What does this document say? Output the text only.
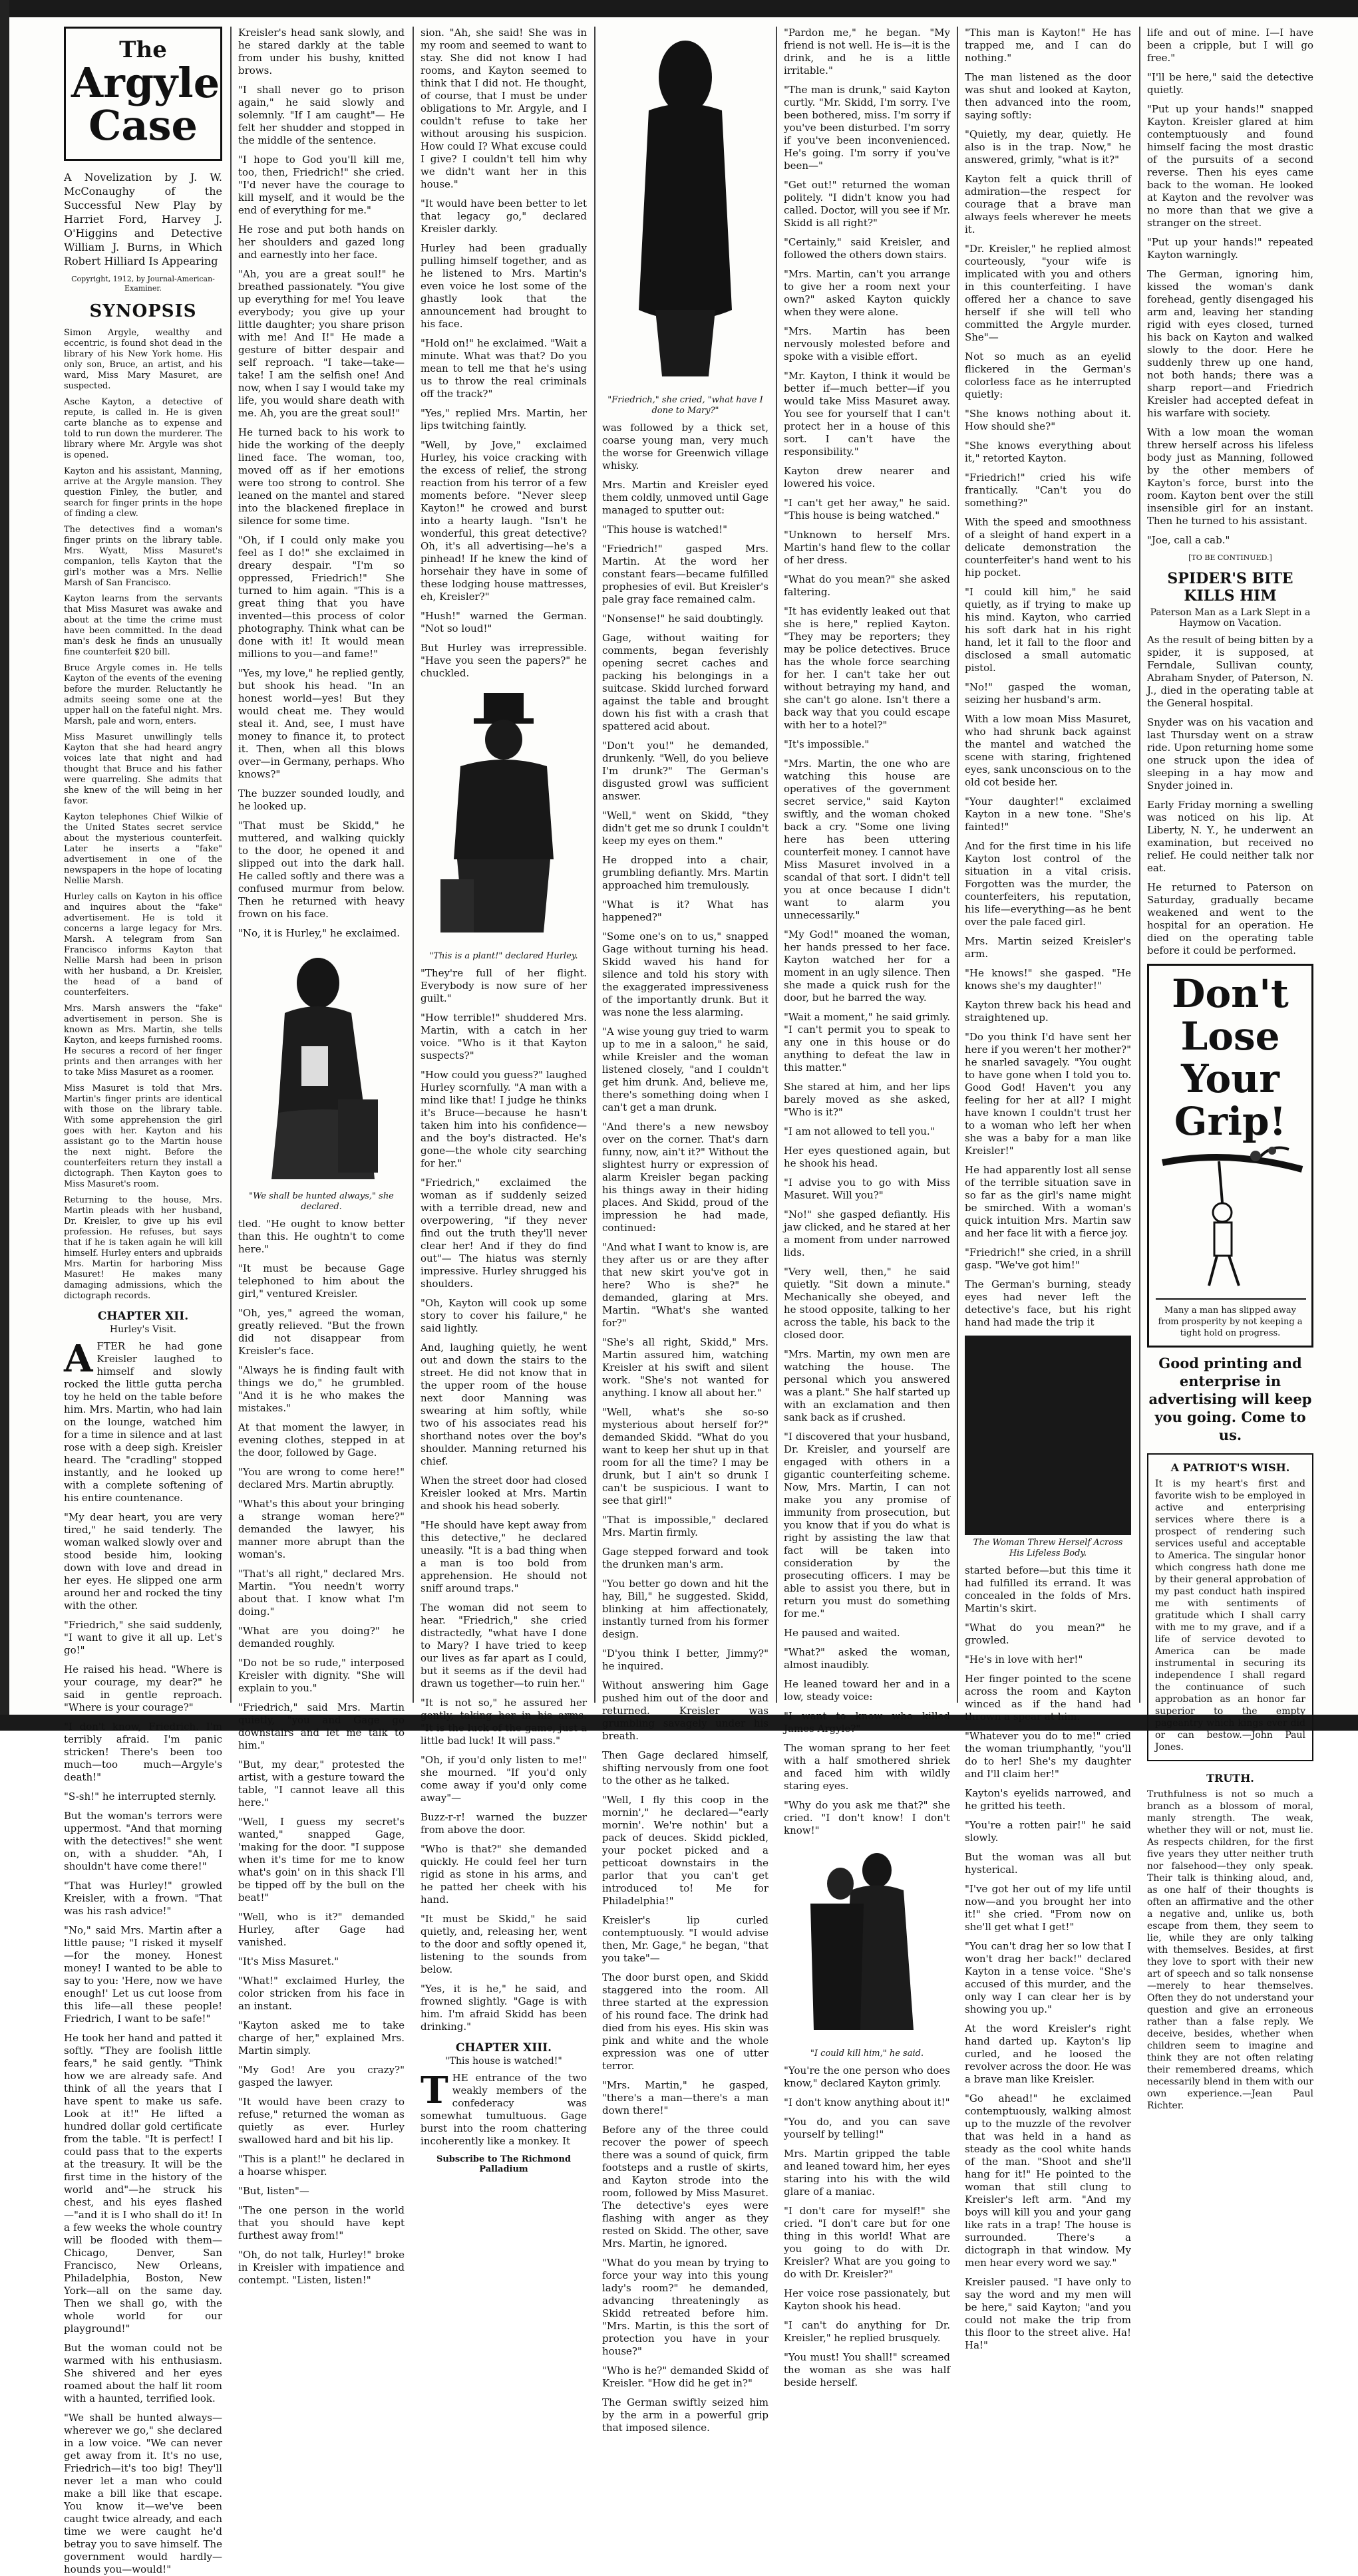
The
Argyle Case
A Novelization by J. W. McConaughy of the Successful New Play by Harriet Ford, Harvey J. O'Higgins and Detective William J. Burns, in Which Robert Hilliard Is Appearing
Copyright, 1912, by Journal-American-Examiner.
SYNOPSIS

Simon Argyle, wealthy and eccentric, is found shot dead in the library of his New York home. His only son, Bruce, an artist, and his ward, Miss Mary Masuret, are suspected.

Asche Kayton, a detective of repute, is called in. He is given carte blanche as to expense and told to run down the murderer. The library where Mr. Argyle was shot is opened.

Kayton and his assistant, Manning, arrive at the Argyle mansion. They question Finley, the butler, and search for finger prints in the hope of finding a clew.

The detectives find a woman's finger prints on the library table. Mrs. Wyatt, Miss Masuret's companion, tells Kayton that the girl's mother was a Mrs. Nellie Marsh of San Francisco.

Kayton learns from the servants that Miss Masuret was awake and about at the time the crime must have been committed. In the dead man's desk he finds an unusually fine counterfeit $20 bill.

Bruce Argyle comes in. He tells Kayton of the events of the evening before the murder. Reluctantly he admits seeing some one at the upper hall on the fateful night. Mrs. Marsh, pale and worn, enters.

Miss Masuret unwillingly tells Kayton that she had heard angry voices late that night and had thought that Bruce and his father were quarreling. She admits that she knew of the will being in her favor.

Kayton telephones Chief Wilkie of the United States secret service about the mysterious counterfeit. Later he inserts a "fake" advertisement in one of the newspapers in the hope of locating Nellie Marsh.

Hurley calls on Kayton in his office and inquires about the "fake" advertisement. He is told it concerns a large legacy for Mrs. Marsh. A telegram from San Francisco informs Kayton that Nellie Marsh had been in prison with her husband, a Dr. Kreisler, the head of a band of counterfeiters.

Mrs. Marsh answers the "fake" advertisement in person. She is known as Mrs. Martin, she tells Kayton, and keeps furnished rooms. He secures a record of her finger prints and then arranges with her to take Miss Masuret as a roomer.

Miss Masuret is told that Mrs. Martin's finger prints are identical with those on the library table. With some apprehension the girl goes with her. Kayton and his assistant go to the Martin house the next night. Before the counterfeiters return they install a dictograph. Then Kayton goes to Miss Masuret's room.

Returning to the house, Mrs. Martin pleads with her husband, Dr. Kreisler, to give up his evil profession. He refuses, but says that if he is taken again he will kill himself. Hurley enters and upbraids Mrs. Martin for harboring Miss Masuret! He makes many damaging admissions, which the dictograph records.

CHAPTER XII.
Hurley's Visit.

AFTER he had gone Kreisler laughed to himself and slowly rocked the little gutta percha toy he held on the table before him. Mrs. Martin, who had lain on the lounge, watched him for a time in silence and at last rose with a deep sigh. Kreisler heard. The "cradling" stopped instantly, and he looked up with a complete softening of his entire countenance.

"My dear heart, you are very tired," he said tenderly. The woman walked slowly over and stood beside him, looking down with love and dread in her eyes. He slipped one arm around her and rocked the tiny with the other.

"Friedrich," she said suddenly, "I want to give it all up. Let's go!"

He raised his head. "Where is your courage, my dear?" he said in gentle reproach. "Where is your courage?"

"I don't know, Friedrich. I'm terribly afraid. I'm panic stricken! There's been too much—too much—Argyle's death!"

"S-sh!" he interrupted sternly.

But the woman's terrors were uppermost. "And that morning with the detectives!" she went on, with a shudder. "Ah, I shouldn't have come there!"

"That was Hurley!" growled Kreisler, with a frown. "That was his rash advice!"

"No," said Mrs. Martin after a little pause; "I risked it myself—for the money. Honest money! I wanted to be able to say to you: 'Here, now we have enough!' Let us cut loose from this life—all these people! Friedrich, I want to be safe!"

He took her hand and patted it softly. "They are foolish little fears," he said gently. "Think how we are already safe. And think of all the years that I have spent to make us safe. Look at it!" He lifted a hundred dollar gold certificate from the table. "It is perfect! I could pass that to the experts at the treasury. It will be the first time in the history of the world and"—he struck his chest, and his eyes flashed—"and it is I who shall do it! In a few weeks the whole country will be flooded with them—Chicago, Denver, San Francisco, New Orleans, Philadelphia, Boston, New York—all on the same day. Then we shall go, with the whole world for our playground!"

But the woman could not be warmed with his enthusiasm. She shivered and her eyes roamed about the half lit room with a haunted, terrified look.

"We shall be hunted always—wherever we go," she declared in a low voice. "We can never get away from it. It's no use, Friedrich—it's too big! They'll never let a man who could make a bill like that escape. You know it—we've been caught twice already, and each time we were caught he'd betray you to save himself. The government would hardly—hounds you—would!"

Kreisler's head sank slowly, and he stared darkly at the table from under his bushy, knitted brows.

"I shall never go to prison again," he said slowly and solemnly. "If I am caught"— He felt her shudder and stopped in the middle of the sentence.

"I hope to God you'll kill me, too, then, Friedrich!" she cried. "I'd never have the courage to kill myself, and it would be the end of everything for me."

He rose and put both hands on her shoulders and gazed long and earnestly into her face.

"Ah, you are a great soul!" he breathed passionately. "You give up everything for me! You leave everybody; you give up your little daughter; you share prison with me! And I!" He made a gesture of bitter despair and self reproach. "I take—take—take! I am the selfish one! And now, when I say I would take my life, you would share death with me. Ah, you are the great soul!"

He turned back to his work to hide the working of the deeply lined face. The woman, too, moved off as if her emotions were too strong to control. She leaned on the mantel and stared into the blackened fireplace in silence for some time.

"Oh, if I could only make you feel as I do!" she exclaimed in dreary despair. "I'm so oppressed, Friedrich!" She turned to him again. "This is a great thing that you have invented—this process of color photography. Think what can be done with it! It would mean millions to you—and fame!"

"Yes, my love," he replied gently, but shook his head. "In an honest world—yes! But they would cheat me. They would steal it. And, see, I must have money to finance it, to protect it. Then, when all this blows over—in Germany, perhaps. Who knows?"

The buzzer sounded loudly, and he looked up.

"That must be Skidd," he muttered, and walking quickly to the door, he opened it and slipped out into the dark hall. He called softly and there was a confused murmur from below. Then he returned with heavy frown on his face.

"No, it is Hurley," he exclaimed.

"We shall be hunted always," she declared.

tled. "He ought to know better than this. He oughtn't to come here."

"It must be because Gage telephoned to him about the girl," ventured Kreisler.

"Oh, yes," agreed the woman, greatly relieved. "But the frown did not disappear from Kreisler's face.

"Always he is finding fault with things we do," he grumbled. "And it is he who makes the mistakes."

At that moment the lawyer, in evening clothes, stepped in at the door, followed by Gage.

"You are wrong to come here!" declared Mrs. Martin abruptly.

"What's this about your bringing a strange woman here?" demanded the lawyer, his manner more abrupt than the woman's.

"That's all right," declared Mrs. Martin. "You needn't worry about that. I know what I'm doing."

"What are you doing?" he demanded roughly.

"Do not be so rude," interposed Kreisler with dignity. "She will explain to you."

"Friedrich," said Mrs. Martin quietly, "you and Gage go downstairs and let me talk to him."

"But, my dear," protested the artist, with a gesture toward the table, "I cannot leave all this here."

"Well, I guess my secret's wanted," snapped Gage, 'making for the door. "I suppose when it's time for me to know what's goin' on in this shack I'll be tipped off by the bull on the beat!"

"Well, who is it?" demanded Hurley, after Gage had vanished.

"It's Miss Masuret."

"What!" exclaimed Hurley, the color stricken from his face in an instant.

"Kayton asked me to take charge of her," explained Mrs. Martin simply.

"My God! Are you crazy?" gasped the lawyer.

"It would have been crazy to refuse," returned the woman as quietly as ever. Hurley swallowed hard and bit his lip.

"This is a plant!" he declared in a hoarse whisper.

"But, listen"—

"The one person in the world that you should have kept furthest away from!"

"Oh, do not talk, Hurley!" broke in Kreisler with impatience and contempt. "Listen, listen!"

sion. "Ah, she said! She was in my room and seemed to want to stay. She did not know I had rooms, and Kayton seemed to think that I did not. He thought, of course, that I must be under obligations to Mr. Argyle, and I couldn't refuse to take her without arousing his suspicion. How could I? What excuse could I give? I couldn't tell him why we didn't want her in this house."

"It would have been better to let that legacy go," declared Kreisler darkly.

Hurley had been gradually pulling himself together, and as he listened to Mrs. Martin's even voice he lost some of the ghastly look that the announcement had brought to his face.

"Hold on!" he exclaimed. "Wait a minute. What was that? Do you mean to tell me that he's using us to throw the real criminals off the track?"

"Yes," replied Mrs. Martin, her lips twitching faintly.

"Well, by Jove," exclaimed Hurley, his voice cracking with the excess of relief, the strong reaction from his terror of a few moments before. "Never sleep Kayton!" he crowed and burst into a hearty laugh. "Isn't he wonderful, this great detective? Oh, it's all advertising—he's a pinhead! If he knew the kind of horsehair they have in some of these lodging house mattresses, eh, Kreisler?"

"Hush!" warned the German. "Not so loud!"

But Hurley was irrepressible. "Have you seen the papers?" he chuckled.

"This is a plant!" declared Hurley.

"They're full of her flight. Everybody is now sure of her guilt."

"How terrible!" shuddered Mrs. Martin, with a catch in her voice. "Who is it that Kayton suspects?"

"How could you guess?" laughed Hurley scornfully. "A man with a mind like that! I judge he thinks it's Bruce—because he hasn't taken him into his confidence—and the boy's distracted. He's gone—the whole city searching for her."

"Friedrich," exclaimed the woman as if suddenly seized with a terrible dread, new and overpowering, "if they never find out the truth they'll never clear her! And if they do find out"— The hiatus was sternly impressive. Hurley shrugged his shoulders.

"Oh, Kayton will cook up some story to cover his failure," he said lightly.

And, laughing quietly, he went out and down the stairs to the street. He did not know that in the upper room of the house next door Manning was swearing at him softly, while two of his associates read his shorthand notes over the boy's shoulder. Manning returned his chief.

When the street door had closed Kreisler looked at Mrs. Martin and shook his head soberly.

"He should have kept away from this detective," he declared uneasily. "It is a bad thing when a man is too bold from apprehension. He should not sniff around traps."

The woman did not seem to hear. "Friedrich," she cried distractedly, "what have I done to Mary? I have tried to keep our lives as far apart as I could, but it seems as if the devil had drawn us together—to ruin her."

"It is not so," he assured her gently, taking her in his arms. "It is the luck of the game, just a little bad luck! It will pass."

"Oh, if you'd only listen to me!" she mourned. "If you'd only come away if you'd only come away"—

Buzz-r-r! warned the buzzer from above the door.

"Who is that?" she demanded quickly. He could feel her turn rigid as stone in his arms, and he patted her cheek with his hand.

"It must be Skidd," he said quietly, and, releasing her, went to the door and softly opened it, listening to the sounds from below.

"Yes, it is he," he said, and frowned slightly. "Gage is with him. I'm afraid Skidd has been drinking."

CHAPTER XIII.
"This house is watched!"

THE entrance of the two weakly members of the confederacy was somewhat tumultuous. Gage burst into the room chattering incoherently like a monkey. It

Subscribe to The Richmond Palladium
"Friedrich," she cried, "what have I done to Mary?"

was followed by a thick set, coarse young man, very much the worse for Greenwich village whisky.

Mrs. Martin and Kreisler eyed them coldly, unmoved until Gage managed to sputter out:

"This house is watched!"

"Friedrich!" gasped Mrs. Martin. At the word her constant fears—became fulfilled prophesies of evil. But Kreisler's pale gray face remained calm.

"Nonsense!" he said doubtingly.

Gage, without waiting for comments, began feverishly opening secret caches and packing his belongings in a suitcase. Skidd lurched forward against the table and brought down his fist with a crash that spattered acid about.

"Don't you!" he demanded, drunkenly. "Well, do you believe I'm drunk?" The German's disgusted growl was sufficient answer.

"Well," went on Skidd, "they didn't get me so drunk I couldn't keep my eyes on them."

He dropped into a chair, grumbling defiantly. Mrs. Martin approached him tremulously.

"What is it? What has happened?"

"Some one's on to us," snapped Gage without turning his head. Skidd waved his hand for silence and told his story with the exaggerated impressiveness of the importantly drunk. But it was none the less alarming.

"A wise young guy tried to warm up to me in a saloon," he said, while Kreisler and the woman listened closely, "and I couldn't get him drunk. And, believe me, there's something doing when I can't get a man drunk.

"And there's a new newsboy over on the corner. That's darn funny, now, ain't it?" Without the slightest hurry or expression of alarm Kreisler began packing his things away in their hiding places. And Skidd, proud of the impression he had made, continued:

"And what I want to know is, are they after us or are they after that new skirt you've got in here? Who is she?" he demanded, glaring at Mrs. Martin. "What's she wanted for?"

"She's all right, Skidd," Mrs. Martin assured him, watching Kreisler at his swift and silent work. "She's not wanted for anything. I know all about her."

"Well, what's she so-so mysterious about herself for?" demanded Skidd. "What do you want to keep her shut up in that room for all the time? I may be drunk, but I ain't so drunk I can't be suspicious. I want to see that girl!"

"That is impossible," declared Mrs. Martin firmly.

Gage stepped forward and took the drunken man's arm.

"You better go down and hit the hay, Bill," he suggested. Skidd, blinking at him affectionately, instantly turned from his former design.

"D'you think I better, Jimmy?" he inquired.

Without answering him Gage pushed him out of the door and returned. Kreisler was grumbling savagely under his breath.

Then Gage declared himself, shifting nervously from one foot to the other as he talked.

"Well, I fly this coop in the mornin'," he declared—"early mornin'. We're nothin' but a pack of deuces. Skidd pickled, your pocket picked and a petticoat downstairs in the parlor that you can't get introduced to! Me for Philadelphia!"

Kreisler's lip curled contemptuously. "I would advise then, Mr. Gage," he began, "that you take"—

The door burst open, and Skidd staggered into the room. All three started at the expression of his round face. The drink had died from his eyes. His skin was pink and white and the whole expression was one of utter terror.

"Mrs. Martin," he gasped, "there's a man—there's a man down there!"

Before any of the three could recover the power of speech there was a sound of quick, firm footsteps and a rustle of skirts, and Kayton strode into the room, followed by Miss Masuret. The detective's eyes were flashing with anger as they rested on Skidd. The other, save Mrs. Martin, he ignored.

"What do you mean by trying to force your way into this young lady's room?" he demanded, advancing threateningly as Skidd retreated before him. "Mrs. Martin, is this the sort of protection you have in your house?"

"Who is he?" demanded Skidd of Kreisler. "How did he get in?"

The German swiftly seized him by the arm in a powerful grip that imposed silence.

"Pardon me," he began. "My friend is not well. He is—it is the drink, and he is a little irritable."

"The man is drunk," said Kayton curtly. "Mr. Skidd, I'm sorry. I've been bothered, miss. I'm sorry if you've been disturbed. I'm sorry if you've been inconvenienced. He's going. I'm sorry if you've been—"

"Get out!" returned the woman politely. "I didn't know you had called. Doctor, will you see if Mr. Skidd is all right?"

"Certainly," said Kreisler, and followed the others down stairs.

"Mrs. Martin, can't you arrange to give her a room next your own?" asked Kayton quickly when they were alone.

"Mrs. Martin has been nervously molested before and spoke with a visible effort.

"Mr. Kayton, I think it would be better if—much better—if you would take Miss Masuret away. You see for yourself that I can't protect her in a house of this sort. I can't have the responsibility."

Kayton drew nearer and lowered his voice.

"I can't get her away," he said. "This house is being watched."

"Unknown to herself Mrs. Martin's hand flew to the collar of her dress.

"What do you mean?" she asked faltering.

"It has evidently leaked out that she is here," replied Kayton. "They may be reporters; they may be police detectives. Bruce has the whole force searching for her. I can't take her out without betraying my hand, and she can't go alone. Isn't there a back way that you could escape with her to a hotel?"

"It's impossible."

"Mrs. Martin, the one who are watching this house are operatives of the government secret service," said Kayton swiftly, and the woman choked back a cry. "Some one living here has been uttering counterfeit money. I cannot have Miss Masuret involved in a scandal of that sort. I didn't tell you at once because I didn't want to alarm you unnecessarily."

"My God!" moaned the woman, her hands pressed to her face. Kayton watched her for a moment in an ugly silence. Then she made a quick rush for the door, but he barred the way.

"Wait a moment," he said grimly. "I can't permit you to speak to any one in this house or do anything to defeat the law in this matter."

She stared at him, and her lips barely moved as she asked, "Who is it?"

"I am not allowed to tell you."

Her eyes questioned again, but he shook his head.

"I advise you to go with Miss Masuret. Will you?"

"No!" she gasped defiantly. His jaw clicked, and he stared at her a moment from under narrowed lids.

"Very well, then," he said quietly. "Sit down a minute." Mechanically she obeyed, and he stood opposite, talking to her across the table, his back to the closed door.

"Mrs. Martin, my own men are watching the house. The personal which you answered was a plant." She half started up with an exclamation and then sank back as if crushed.

"I discovered that your husband, Dr. Kreisler, and yourself are engaged with others in a gigantic counterfeiting scheme. Now, Mrs. Martin, I can not make you any promise of immunity from prosecution, but you know that if you do what is right by assisting the law that fact will be taken into consideration by the prosecuting officers. I may be able to assist you there, but in return you must do something for me."

He paused and waited.

"What?" asked the woman, almost inaudibly.

He leaned toward her and in a low, steady voice:

"I want to know who killed James Argyle?"

The woman sprang to her feet with a half smothered shriek and faced him with wildly staring eyes.

"Why do you ask me that?" she cried. "I don't know! I don't know!"

"I could kill him," he said.

"You're the one person who does know," declared Kayton grimly.

"I don't know anything about it!"

"You do, and you can save yourself by telling!"

Mrs. Martin gripped the table and leaned toward him, her eyes staring into his with the wild glare of a maniac.

"I don't care for myself!" she cried. "I don't care but for one thing in this world! What are you going to do with Dr. Kreisler? What are you going to do with Dr. Kreisler?"

Her voice rose passionately, but Kayton shook his head.

"I can't do anything for Dr. Kreisler," he replied brusquely.

"You must! You shall!" screamed the woman as she was half beside herself.

"This man is Kayton!" He has trapped me, and I can do nothing."

The man listened as the door was shut and looked at Kayton, then advanced into the room, saying softly:

"Quietly, my dear, quietly. He also is in the trap. Now," he answered, grimly, "what is it?"

Kayton felt a quick thrill of admiration—the respect for courage that a brave man always feels wherever he meets it.

"Dr. Kreisler," he replied almost courteously, "your wife is implicated with you and others in this counterfeiting. I have offered her a chance to save herself if she will tell who committed the Argyle murder. She"—

Not so much as an eyelid flickered in the German's colorless face as he interrupted quietly:

"She knows nothing about it. How should she?"

"She knows everything about it," retorted Kayton.

"Friedrich!" cried his wife frantically. "Can't you do something?"

With the speed and smoothness of a sleight of hand expert in a delicate demonstration the counterfeiter's hand went to his hip pocket.

"I could kill him," he said quietly, as if trying to make up his mind. Kayton, who carried his soft dark hat in his right hand, let it fall to the floor and disclosed a small automatic pistol.

"No!" gasped the woman, seizing her husband's arm.

With a low moan Miss Masuret, who had shrunk back against the mantel and watched the scene with staring, frightened eyes, sank unconscious on to the old cot beside her.

"Your daughter!" exclaimed Kayton in a new tone. "She's fainted!"

And for the first time in his life Kayton lost control of the situation in a vital crisis. Forgotten was the murder, the counterfeiters, his reputation, his life—everything—as he bent over the pale faced girl.

Mrs. Martin seized Kreisler's arm.

"He knows!" she gasped. "He knows she's my daughter!"

Kayton threw back his head and straightened up.

"Do you think I'd have sent her here if you weren't her mother?" he snarled savagely. "You ought to have gone when I told you to. Good God! Haven't you any feeling for her at all? I might have known I couldn't trust her to a woman who left her when she was a baby for a man like Kreisler!"

He had apparently lost all sense of the terrible situation save in so far as the girl's name might be smirched. With a woman's quick intuition Mrs. Martin saw and her face lit with a fierce joy.

"Friedrich!" she cried, in a shrill gasp. "We've got him!"

The German's burning, steady eyes had never left the detective's face, but his right hand had made the trip it

The Woman Threw Herself Across His Lifeless Body.

started before—but this time it had fulfilled its errand. It was concealed in the folds of Mrs. Martin's skirt.

"What do you mean?" he growled.

"He's in love with her!"

Her finger pointed to the scene across the room and Kayton winced as if the hand had thrown a spear at him.

"Whatever you do to me!" cried the woman triumphantly, "you'll do to her! She's my daughter and I'll claim her!"

Kayton's eyelids narrowed, and he gritted his teeth.

"You're a rotten pair!" he said slowly.

But the woman was all but hysterical.

"I've got her out of my life until now—and you brought her into it!" she cried. "From now on she'll get what I get!"

"You can't drag her so low that I won't drag her back!" declared Kayton in a tense voice. "She's accused of this murder, and the only way I can clear her is by showing you up."

At the word Kreisler's right hand darted up. Kayton's lip curled, and he loosed the revolver across the door. He was a brave man like Kreisler.

"Go ahead!" he exclaimed contemptuously, walking almost up to the muzzle of the revolver that was held in a hand as steady as the cool white hands of the man. "Shoot and she'll hang for it!" He pointed to the woman that still clung to Kreisler's left arm. "And my boys will kill you and your gang like rats in a trap! The house is surrounded. There's a dictograph in that window. My men hear every word we say."

Kreisler paused. "I have only to say the word and my men will be here," said Kayton; "and you could not make the trip from this floor to the street alive. Ha! Ha!"

life and out of mine. I—I have been a cripple, but I will go free."

"I'll be here," said the detective quietly.

"Put up your hands!" snapped Kayton. Kreisler glared at him contemptuously and found himself facing the most drastic of the pursuits of a second reverse. Then his eyes came back to the woman. He looked at Kayton and the revolver was no more than that we give a stranger on the street.

"Put up your hands!" repeated Kayton warningly.

The German, ignoring him, kissed the woman's dank forehead, gently disengaged his arm and, leaving her standing rigid with eyes closed, turned his back on Kayton and walked slowly to the door. Here he suddenly threw up one hand, not both hands; there was a sharp report—and Friedrich Kreisler had accepted defeat in his warfare with society.

With a low moan the woman threw herself across his lifeless body just as Manning, followed by the other members of Kayton's force, burst into the room. Kayton bent over the still insensible girl for an instant. Then he turned to his assistant.

"Joe, call a cab."

[TO BE CONTINUED.]
SPIDER'S BITE KILLS HIM
Paterson Man as a Lark Slept in a Haymow on Vacation.

As the result of being bitten by a spider, it is supposed, at Ferndale, Sullivan county, Abraham Snyder, of Paterson, N. J., died in the operating table at the General hospital.

Snyder was on his vacation and last Thursday went on a straw ride. Upon returning home some one struck upon the idea of sleeping in a hay mow and Snyder joined in.

Early Friday morning a swelling was noticed on his lip. At Liberty, N. Y., he underwent an examination, but received no relief. He could neither talk nor eat.

He returned to Paterson on Saturday, gradually became weakened and went to the hospital for an operation. He died on the operating table before it could be performed.

Don't Lose Your Grip!
Many a man has slipped away from prosperity by not keeping a tight hold on progress.
Good printing and enterprise in advertising will keep you going. Come to us.
A PATRIOT'S WISH.

It is my heart's first and favorite wish to be employed in active and enterprising services where there is a prospect of rendering such services useful and acceptable to America. The singular honor which congress hath done me by their general approbation of my past conduct hath inspired me with sentiments of gratitude which I shall carry with me to my grave, and if a life of service devoted to America can be made instrumental in securing its independence I shall regard the continuance of such approbation as an honor far superior to the empty pageantry which kings ever did or can bestow.—John Paul Jones.

TRUTH.

Truthfulness is not so much a branch as a blossom of moral, manly strength. The weak, whether they will or not, must lie. As respects children, for the first five years they utter neither truth nor falsehood—they only speak. Their talk is thinking aloud, and, as one half of their thoughts is often an affirmative and the other a negative and, unlike us, both escape from them, they seem to lie, while they are only talking with themselves. Besides, at first they love to sport with their new art of speech and so talk nonsense—merely to hear themselves. Often they do not understand your question and give an erroneous rather than a false reply. We deceive, besides, whether when children seem to imagine and think they are not often relating their remembered dreams, which necessarily blend in them with our own experience.—Jean Paul Richter.
